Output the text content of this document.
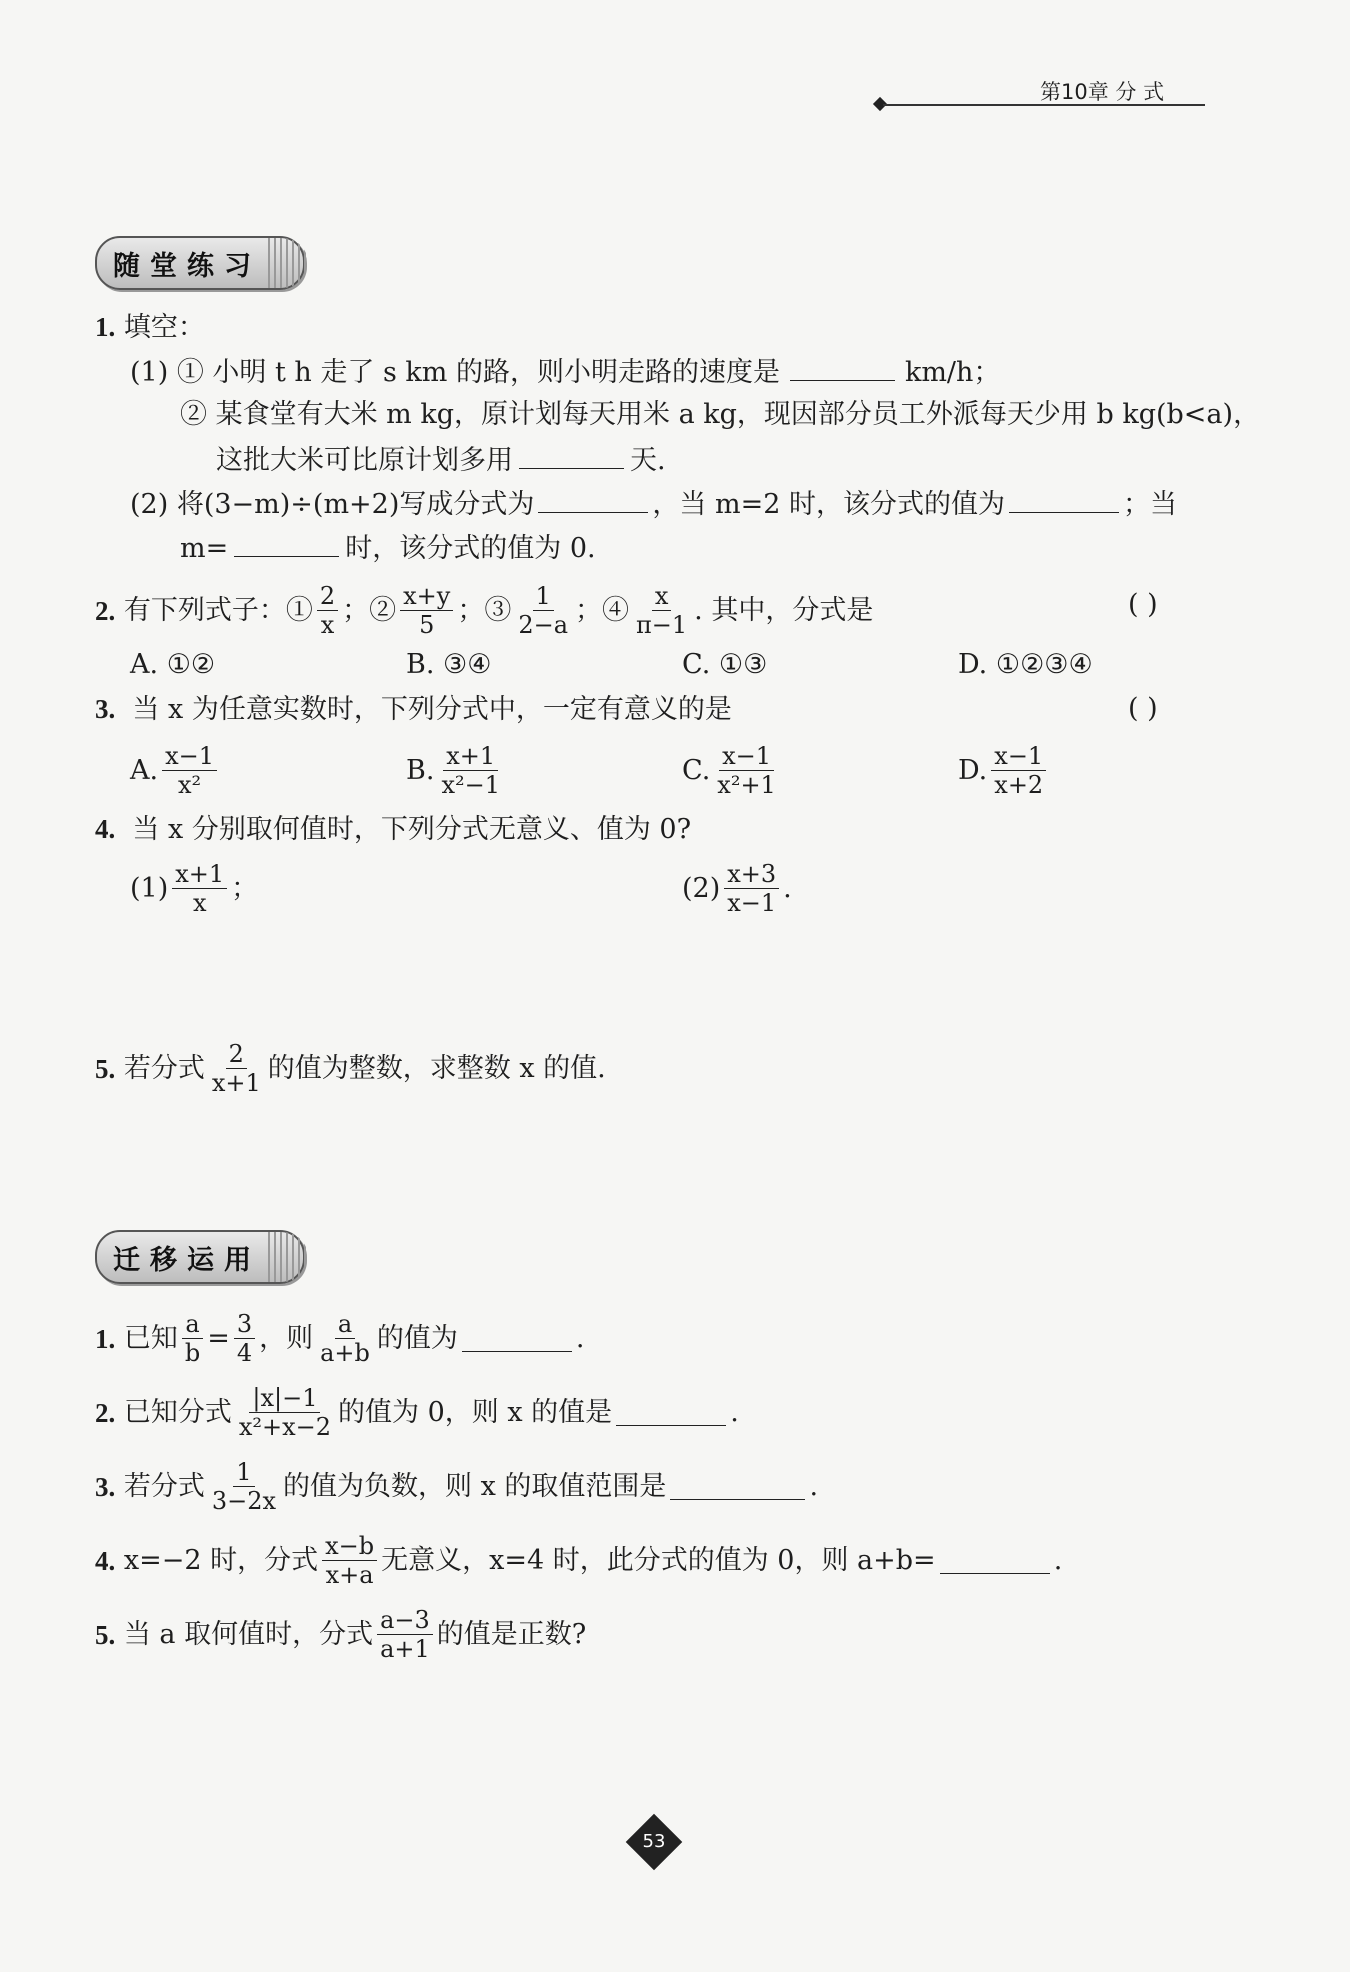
第10章 分 式
随堂练习
1. 填空：
(1) ① 小明 t h 走了 s km 的路，则小明走路的速度是	km/h；
② 某食堂有大米 m kg，原计划每天用米 a kg，现因部分员工外派每天少用 b kg(b<a)，
这批大米可比原计划多用	天.
(2) 将(3−m)÷(m+2)写成分式为	，当 m=2 时，该分式的值为	；当
m=	时，该分式的值为 0.
2.
有下列式子：① $\frac{2}{x}$ ；② $\frac{x+y}{5}$ ；③ $\frac{1}{2-a}$ ；④ $\frac{x}{\pi-1}$ . 其中，分式是	( )
A. ①②	B. ③④	C. ①③	D. ①②③④
3. 当 x 为任意实数时，下列分式中，一定有意义的是	( )
A. $\frac{x-1}{\text{x²}}$	B. $\frac{x+1}{\text{x²−1}}$	C. $\frac{x-1}{\text{x²+1}}$	D. $\frac{x-1}{x+2}$
4. 当 x 分别取何值时，下列分式无意义、值为 0?
$(1) \frac{x+1}{x}$ ；	$(2) \frac{x+3}{x-1}$ .
5.
若分式 $\frac{2}{x+1}$ 的值为整数，求整数 x 的值.
迁移运用
1.
已知 $\frac{a}{b} = \frac{3}{4}$ ，则 $\frac{a}{a+b}$ 的值为	.
2.
已知分式 $\frac{|x|-1}{\text{x²+x−2}}$ 的值为 0，则 x 的值是	.
3.
若分式 $\frac{1}{3-2x}$ 的值为负数，则 x 的取值范围是	.
4.
x=−2 时，分式 $\frac{x-b}{x+a}$ 无意义，x=4 时，此分式的值为 0，则 a+b=	.
5.
当 a 取何值时，分式 $\frac{a-3}{a+1}$ 的值是正数?
53
